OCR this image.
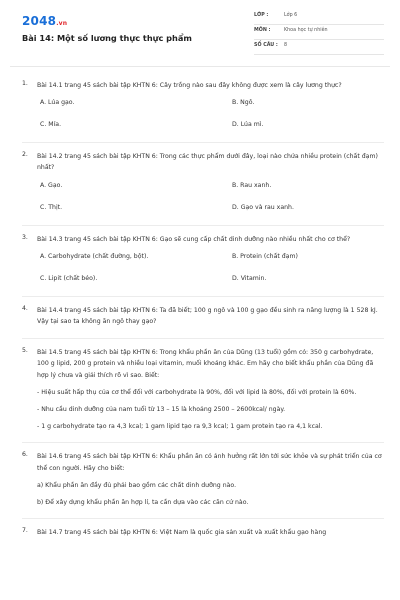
2048.vn
Bài 14: Một số lương thực thực phẩm
LỚP :	Lớp 6
MÔN :	Khoa học tự nhiên
SỐ CÂU : 8
1. Bài 14.1 trang 45 sách bài tập KHTN 6: Cây trồng nào sau đây không được xem là cây lương thực?
A. Lúa gạo.	B. Ngô.
C. Mía.	D. Lúa mì.
2. Bài 14.2 trang 45 sách bài tập KHTN 6: Trong các thực phẩm dưới đây, loại nào chứa nhiều protein (chất đạm) nhất?
A. Gạo.	B. Rau xanh.
C. Thịt.	D. Gạo và rau xanh.
3. Bài 14.3 trang 45 sách bài tập KHTN 6: Gạo sẽ cung cấp chất dinh dưỡng nào nhiều nhất cho cơ thể?
A. Carbohydrate (chất đường, bột).	B. Protein (chất đạm)
C. Lipit (chất béo).	D. Vitamin.
4. Bài 14.4 trang 45 sách bài tập KHTN 6: Ta đã biết; 100 g ngô và 100 g gạo đều sinh ra năng lượng là 1 528 kJ. Vậy tại sao ta không ăn ngô thay gạo?
5. Bài 14.5 trang 45 sách bài tập KHTN 6: Trong khẩu phần ăn của Dũng (13 tuổi) gồm có: 350 g carbohydrate, 100 g lipid, 200 g protein và nhiều loại vitamin, muối khoáng khác. Em hãy cho biết khẩu phần của Dũng đã hợp lý chưa và giải thích rõ vì sao. Biết:
- Hiệu suất hấp thụ của cơ thể đối với carbohydrate là 90%, đối với lipid là 80%, đối với protein là 60%.
- Nhu cầu dinh dưỡng của nam tuổi từ 13 – 15 là khoảng 2500 – 2600kcal/ ngày.
- 1 g carbohydrate tạo ra 4,3 kcal; 1 gam lipid tạo ra 9,3 kcal; 1 gam protein tạo ra 4,1 kcal.
6. Bài 14.6 trang 45 sách bài tập KHTN 6: Khẩu phần ăn có ảnh hưởng rất lớn tới sức khỏe và sự phát triển của cơ thể con người. Hãy cho biết:
a) Khẩu phần ăn đầy đủ phải bao gồm các chất dinh dưỡng nào.
b) Để xây dựng khẩu phần ăn hợp lí, ta cần dựa vào các căn cứ nào.
7. Bài 14.7 trang 45 sách bài tập KHTN 6: Việt Nam là quốc gia sản xuất và xuất khẩu gạo hàng
